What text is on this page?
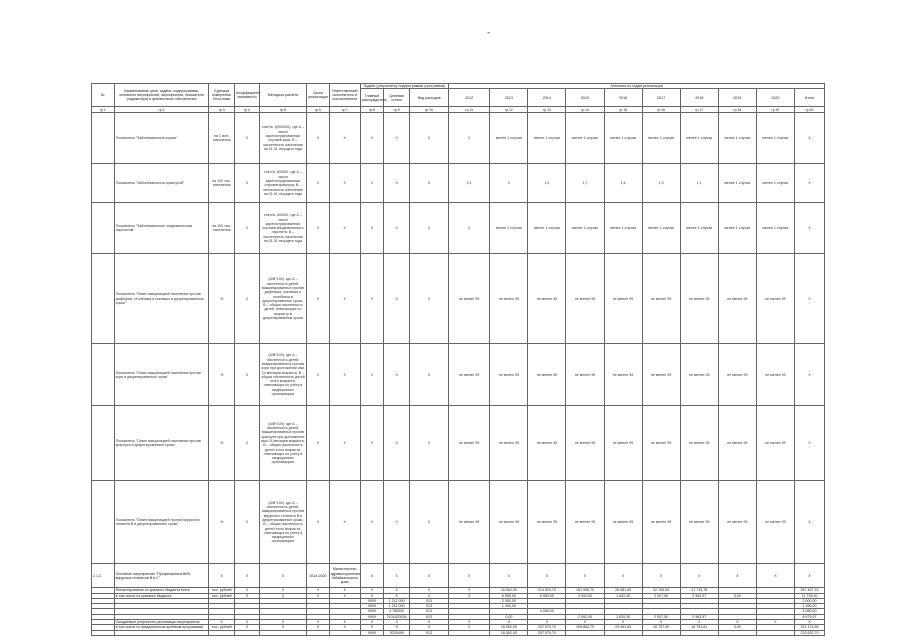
-
№	Наименование цели, задачи, подпрограммы, основного мероприятия, мероприятия, показателя (индикатора) и финансового обеспечения	Единица измерения/ Источники	Коэффициент значимости	Методика расчёта	Сроки реализации	Ответственный исполнитель и соисполнители	Задачи (результаты) подпрограммы (программы)			Значения по годам реализации									
							Главный распорядитель	Целевая статья	Вид расходов	2012	2013	2014	2015	2016	2017	2018	2019	2020	Итого
гр.1	гр.2	гр.3	гр.4	гр.5	гр.6	гр.7	гр.8	гр.9	гр.10	гр.11	гр.12	гр.13	гр.14	гр.15	гр.16	гр.17	гр.18	гр.19	гр.20
	Показатель "Заболеваемость корью"	на 1 млн. населения	X	стат.№ 1(000000), где А – число зарегистрированных случаев кори, В – численность населения на 01.01 текущего года	X	X	X	X	X	0	менее 1 случая	менее 1 случая	менее 1 случая	менее 1 случая	менее 1 случая	менее 1 случая	менее 1 случая	менее 1 случая	X
	Показатель "Заболеваемость краснухой"	на 100 тыс. населения	X	стат.№ 100000, где А – число зарегистрированных случаев краснухи, В – численность населения на 01.01 текущего года	X	X	X	X	X	2,1	2	1,9	1,7	1,6	1,3	1,1	менее 1 случая	менее 1 случая	X
	Показатель "Заболеваемость эпидемическим паротитом"	на 100 тыс. населения	X	стат.№ 100000, где А – число зарегистрированных случаев эпидемического паротита, В – численность населения на 01.01 текущего года	X	X	X	X	X	0	менее 1 случая	менее 1 случая	менее 1 случая	менее 1 случая	менее 1 случая	менее 1 случая	менее 1 случая	менее 1 случая	X
	Показатель "Охват вакцинацией населения против дифтерии, столбняка и коклюша в декретированные сроки"	%	X	(А/В*100), где А – численность детей, вакцинированных против дифтерии, коклюша и столбняка в декретированные сроки, В – общая численность детей, отвечающих по возрасту в декретированные сроки	X	X	X	X	X	не менее 95	не менее 95	не менее 95	не менее 95	не менее 95	не менее 95	не менее 95	не менее 95	не менее 95	X
	Показатель "Охват вакцинацией населения против кори в декретированные сроки"	%	X	(А/В*100), где А – численность детей, вакцинированных против кори при достижении ими 24 месяцев возраста, В – общая численность детей этого возраста, отвечающих по учёту в медицинских организациях	X	X	X	X	X	не менее 95	не менее 95	не менее 95	не менее 95	не менее 95	не менее 95	не менее 95	не менее 95	не менее 95	X
	Показатель "Охват вакцинацией населения против краснухи в декретированные сроки"	%	X	(А/В*100), где А – численность детей, вакцинированных против краснухи при достижении ими 24 месяцев возраста, В – общая численность детей этого возраста, отвечающих по учёту в медицинских организациях	X	X	X	X	X	не менее 95	не менее 95	не менее 95	не менее 95	не менее 95	не менее 95	не менее 95	не менее 95	не менее 95	X
	Показатель "Охват вакцинацией против вирусного гепатита В в декретированные сроки"	%	X	(А/В*100), где А – численность детей, вакцинированных против вирусного гепатита В в декретированные сроки, В – общая численность детей этого возраста, отвечающих по учёту в медицинских организациях	X	X	X	X	X	не менее 95	не менее 95	не менее 95	не менее 95	не менее 95	не менее 95	не менее 95	не менее 95	не менее 95	X
2.1.2.	Основное мероприятие "Профилактика ВИЧ, вирусных гепатитов В и С"	X	X	X	2014-2020	Министерство здравоохранения Забайкальского края	X	X	X	X	X	X	X	X	X	X	X	X	X
	Финансирование из краевого бюджета всего	тыс. рублей	X	X	X	X	X	X	X	X	16 062,00	214 520,70	161 956,70	26 081,90	32 765,00	21 715,78			357 467,15
	в том числе из краевого бюджета	тыс. рублей	X	X	X	X	X	X	X	X	6 950,00	6 950,00	2 092,00	1 620,30	2 007,50	2 963,97	0,00		11 739,00
							0909	1 212 000	013		2 000,00								2 000,00
							0909	1 211 000	013		1 450,00								1 450,00
							0909	4 780000	013			4 080,00							4 080,00
							0909	2101820034	013		0,00		2 092,00	1 620,30	2 007,50	2 963,97			8 679,97
	Ожидаемые результаты реализации мероприятия	X	X	X	X	X	X	X	X	X	X	X	X	X	X	X	X	X	X
	в том числе по федеральным целевым программам	тыс. рублей	X	X	X	X	X	X	X	X	16 062,00	207 570,70	159 864,70	24 461,60	30 757,50	18 751,81	0,00		322 174,55
							0909	Э230490	013		16 062,00	207 570,70							223 632,70
